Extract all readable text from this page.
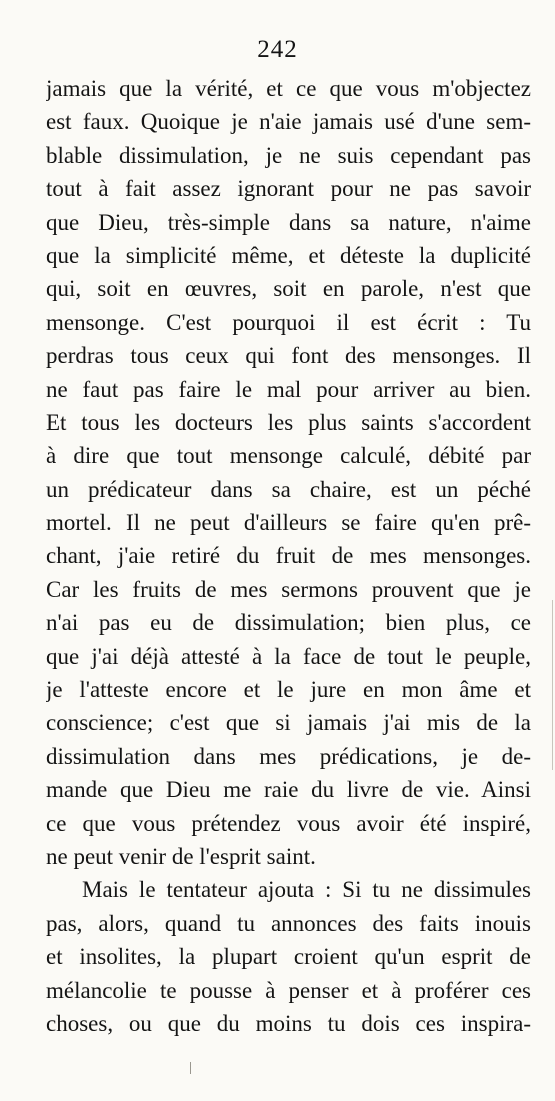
242
jamais que la vérité, et ce que vous m'objectez
est faux. Quoique je n'aie jamais usé d'une sem-
blable dissimulation, je ne suis cependant pas
tout à fait assez ignorant pour ne pas savoir
que Dieu, très-simple dans sa nature, n'aime
que la simplicité même, et déteste la duplicité
qui, soit en œuvres, soit en parole, n'est que
mensonge. C'est pourquoi il est écrit : Tu
perdras tous ceux qui font des mensonges. Il
ne faut pas faire le mal pour arriver au bien.
Et tous les docteurs les plus saints s'accordent
à dire que tout mensonge calculé, débité par
un prédicateur dans sa chaire, est un péché
mortel. Il ne peut d'ailleurs se faire qu'en prê-
chant, j'aie retiré du fruit de mes mensonges.
Car les fruits de mes sermons prouvent que je
n'ai pas eu de dissimulation; bien plus, ce
que j'ai déjà attesté à la face de tout le peuple,
je l'atteste encore et le jure en mon âme et
conscience; c'est que si jamais j'ai mis de la
dissimulation dans mes prédications, je de-
mande que Dieu me raie du livre de vie. Ainsi
ce que vous prétendez vous avoir été inspiré,
ne peut venir de l'esprit saint.
Mais le tentateur ajouta : Si tu ne dissimules
pas, alors, quand tu annonces des faits inouis
et insolites, la plupart croient qu'un esprit de
mélancolie te pousse à penser et à proférer ces
choses, ou que du moins tu dois ces inspira-
